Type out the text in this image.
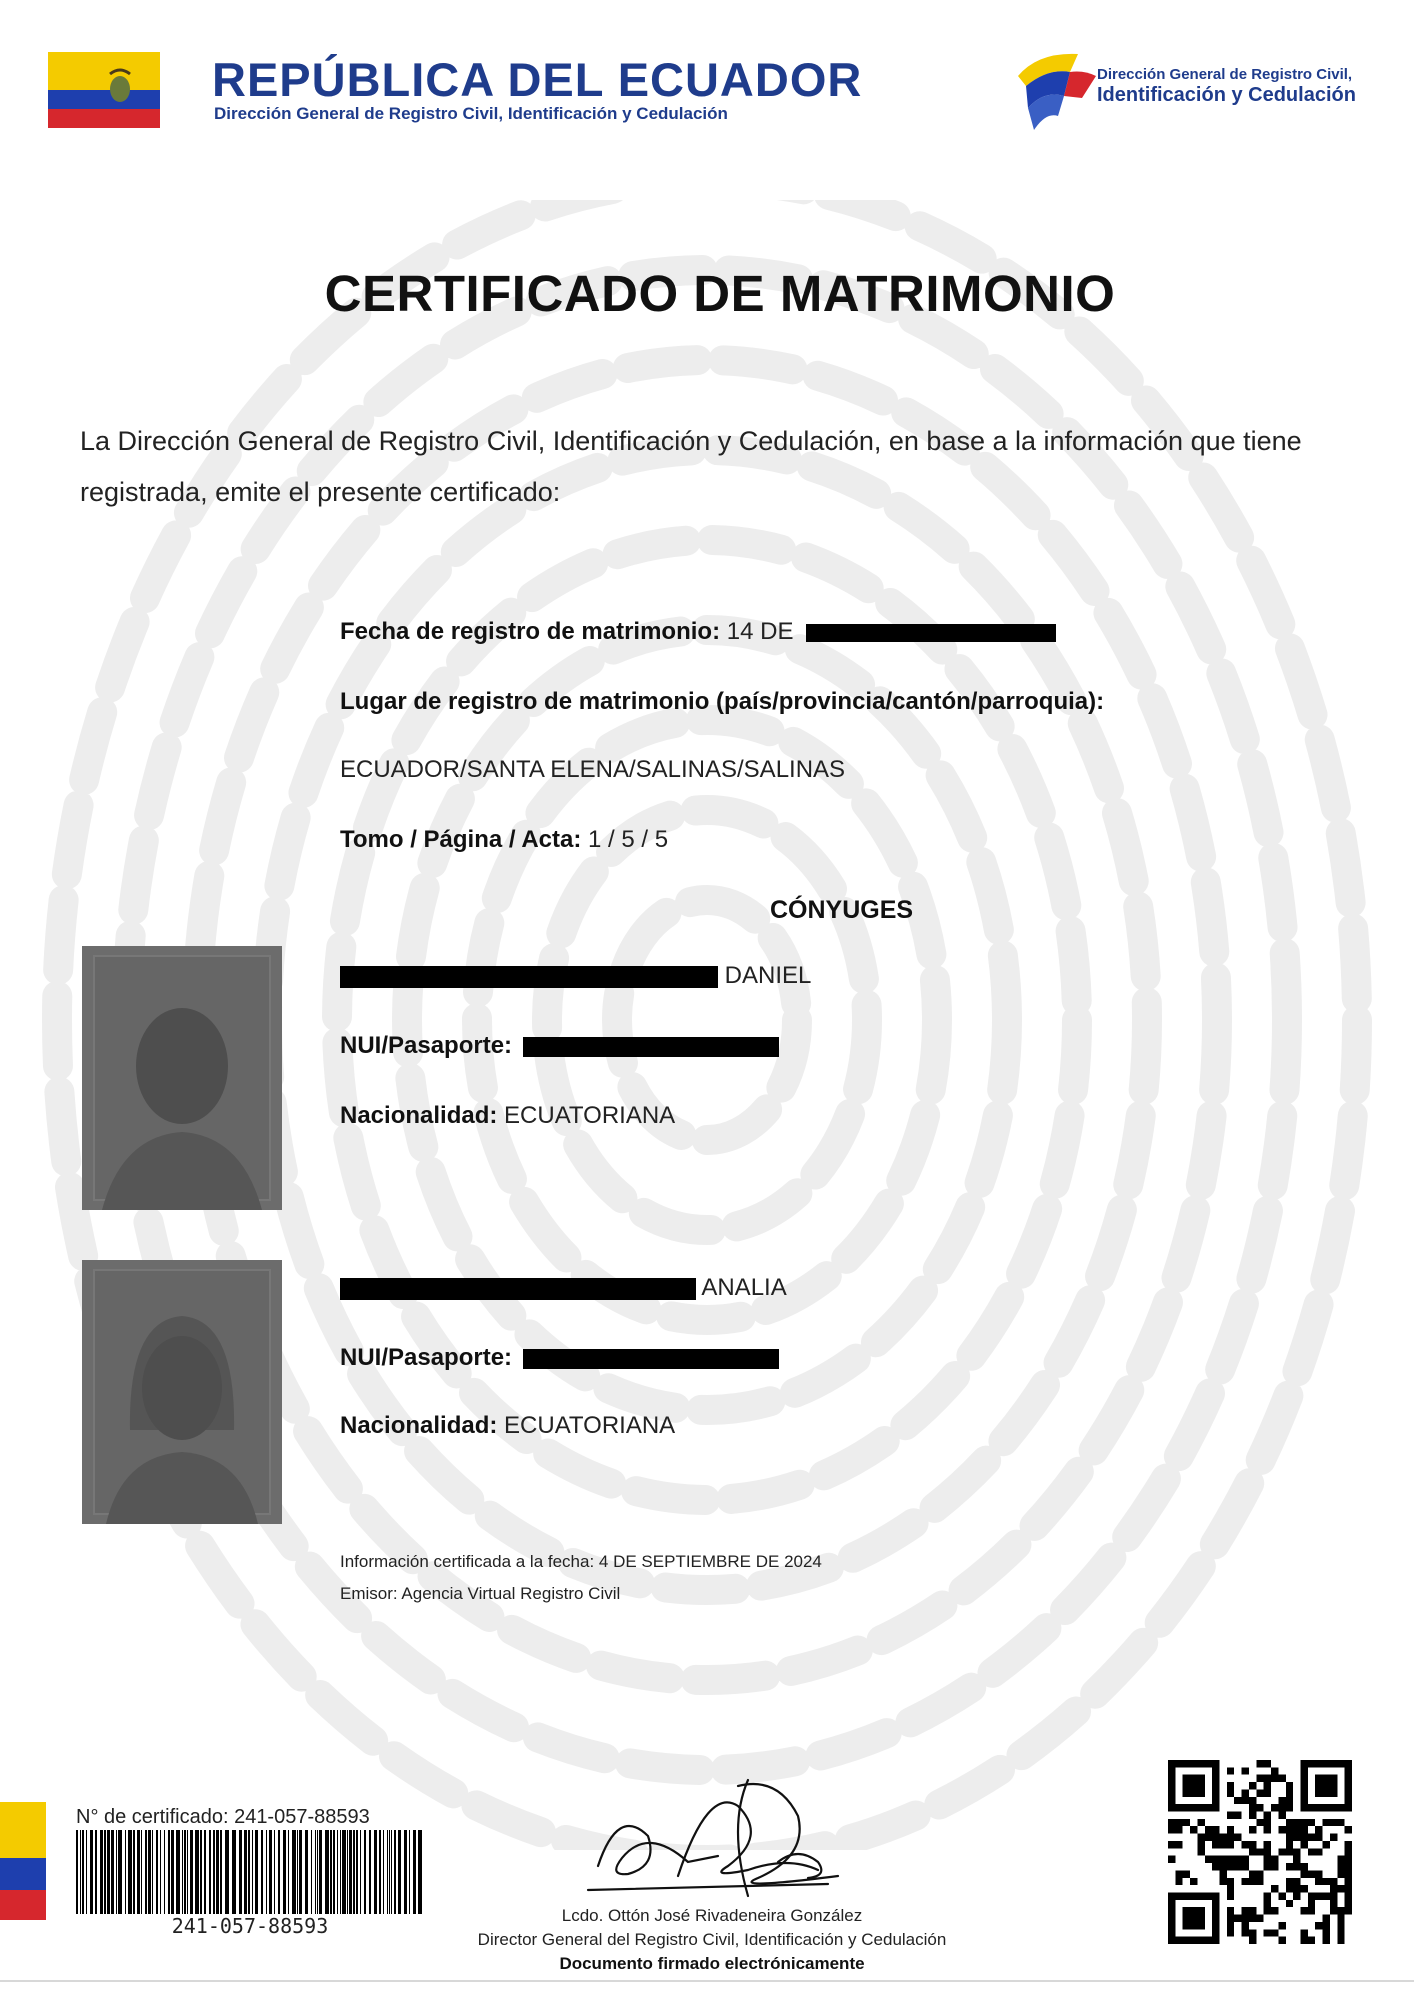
REPÚBLICA DEL ECUADOR
Dirección General de Registro Civil, Identificación y Cedulación
Dirección General de Registro Civil,
Identificación y Cedulación
CERTIFICADO DE MATRIMONIO
La Dirección General de Registro Civil, Identificación y Cedulación, en base a la información que tiene registrada, emite el presente certificado:
Fecha de registro de matrimonio: 14 DE
Lugar de registro de matrimonio (país/provincia/cantón/parroquia):
ECUADOR/SANTA ELENA/SALINAS/SALINAS
Tomo / Página / Acta: 1 / 5 / 5
CÓNYUGES
DANIEL
NUI/Pasaporte:
Nacionalidad: ECUATORIANA
ANALIA
NUI/Pasaporte:
Nacionalidad: ECUATORIANA
Información certificada a la fecha: 4 DE SEPTIEMBRE DE 2024
Emisor: Agencia Virtual Registro Civil
N° de certificado: 241-057-88593
241-057-88593	Lcdo. Ottón José Rivadeneira González
Director General del Registro Civil, Identificación y Cedulación
Documento firmado electrónicamente
